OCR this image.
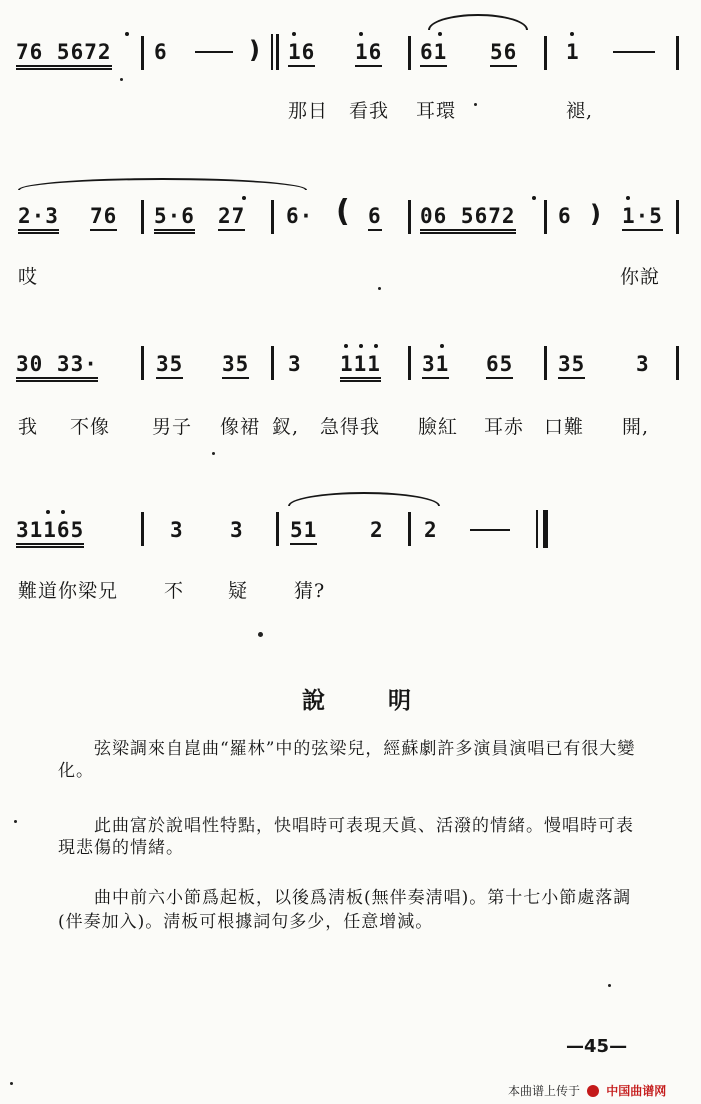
76 5672 6	) 16 16 61 56 1
那日 看我 耳環	褪,
2·3 76 5·6 27 6· ( 6 06 5672 6 ) 1·5
哎	你說
30 33·	35 35 3 111 31 65 35 3
我 不像 男子 像裙 釵, 急得我 臉紅 耳赤 口難 開,
31165	3 3 51	2 2
難道你梁兄 不 疑 猜?
說	明
弦梁調來自崑曲“羅林”中的弦梁兒，經蘇劇許多演員演唱已有很大變化。
此曲富於說唱性特點，快唱時可表現天眞、活潑的情緒。慢唱時可表現悲傷的情緒。
曲中前六小節爲起板，以後爲淸板(無伴奏淸唱)。第十七小節處落調(伴奏加入)。淸板可根據詞句多少，任意增減。
—45—
本曲谱上传于 中国曲谱网
